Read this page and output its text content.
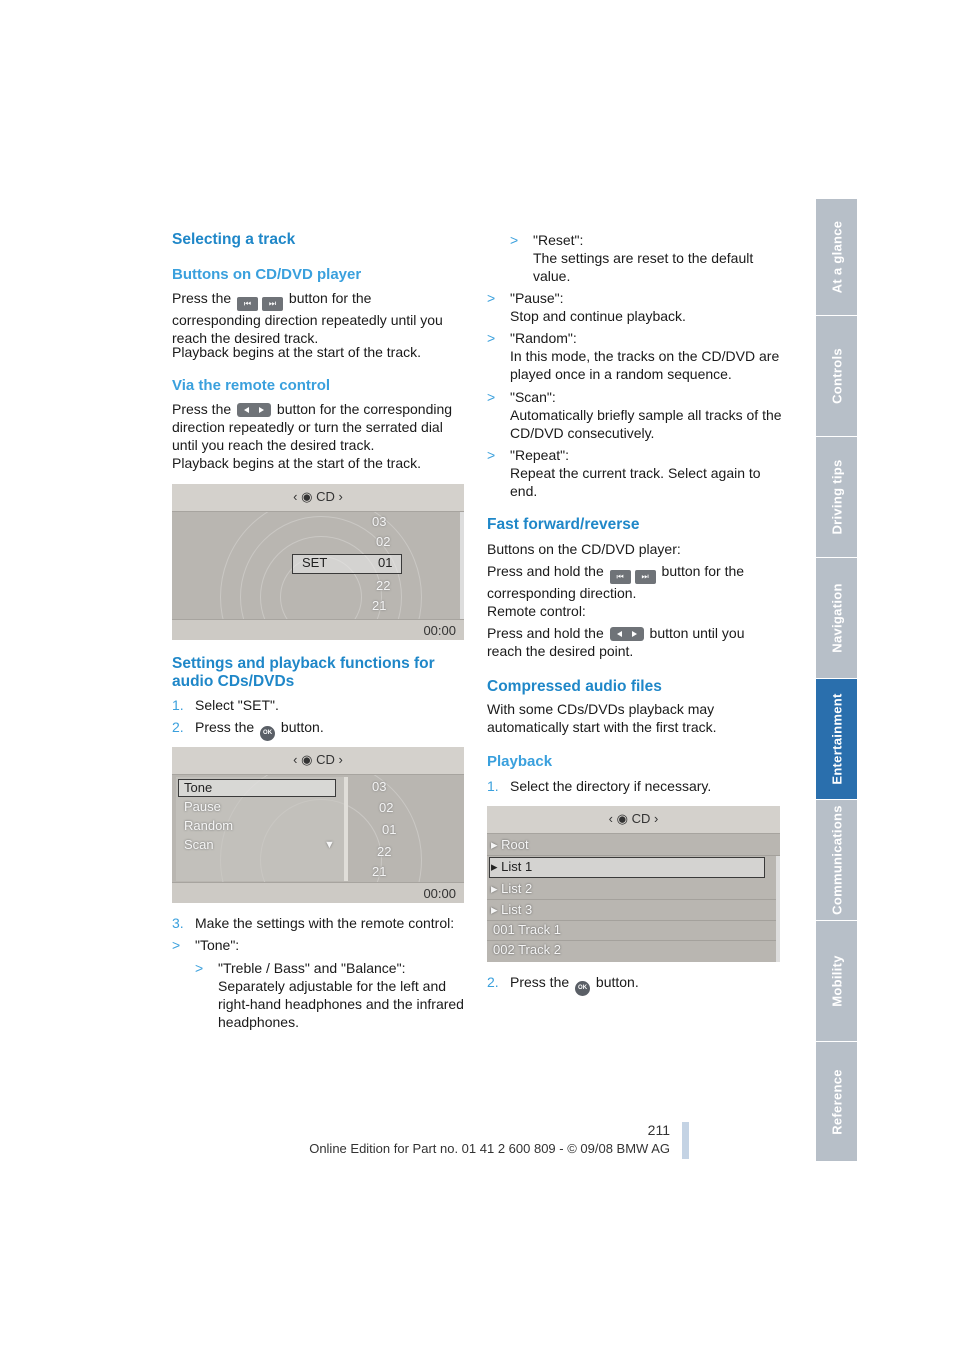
Selecting a track
Buttons on CD/DVD player
Press the ⏮ ⏭ button for the corresponding direction repeatedly until you reach the desired track.
Playback begins at the start of the track.
Via the remote control
Press the	button for the corresponding direction repeatedly or turn the serrated dial until you reach the desired track.
Playback begins at the start of the track.
Settings and playback functions for audio CDs/DVDs
1. Select "SET".
2. Press the OK button.
3. Make the settings with the remote control:
> "Tone":
> "Treble / Bass" and "Balance": Separately adjustable for the left and right-hand headphones and the infrared headphones.
‹ ◉ CD ›
03
02
SET	01
22
21
00:00
‹ ◉ CD ›
Tone
Pause
Random
Scan	▼
03
02
01
22
21
00:00
> "Reset":
The settings are reset to the default value.
> "Pause":
Stop and continue playback.
> "Random":
In this mode, the tracks on the CD/DVD are played once in a random sequence.
> "Scan":
Automatically briefly sample all tracks of the CD/DVD consecutively.
> "Repeat":
Repeat the current track. Select again to end.
Fast forward/reverse
Buttons on the CD/DVD player:
Press and hold the ⏮ ⏭ button for the corresponding direction.
Remote control:
Press and hold the	button until you reach the desired point.
Compressed audio files
With some CDs/DVDs playback may automatically start with the first track.
Playback
1. Select the directory if necessary.
2. Press the OK button.
‹ ◉ CD ›
▸ Root
▸ List 1
▸ List 2
▸ List 3
001 Track 1
002 Track 2
At a glance
Controls
Driving tips
Navigation
Entertainment
Communications
Mobility
Reference
211
Online Edition for Part no. 01 41 2 600 809 - © 09/08 BMW AG
